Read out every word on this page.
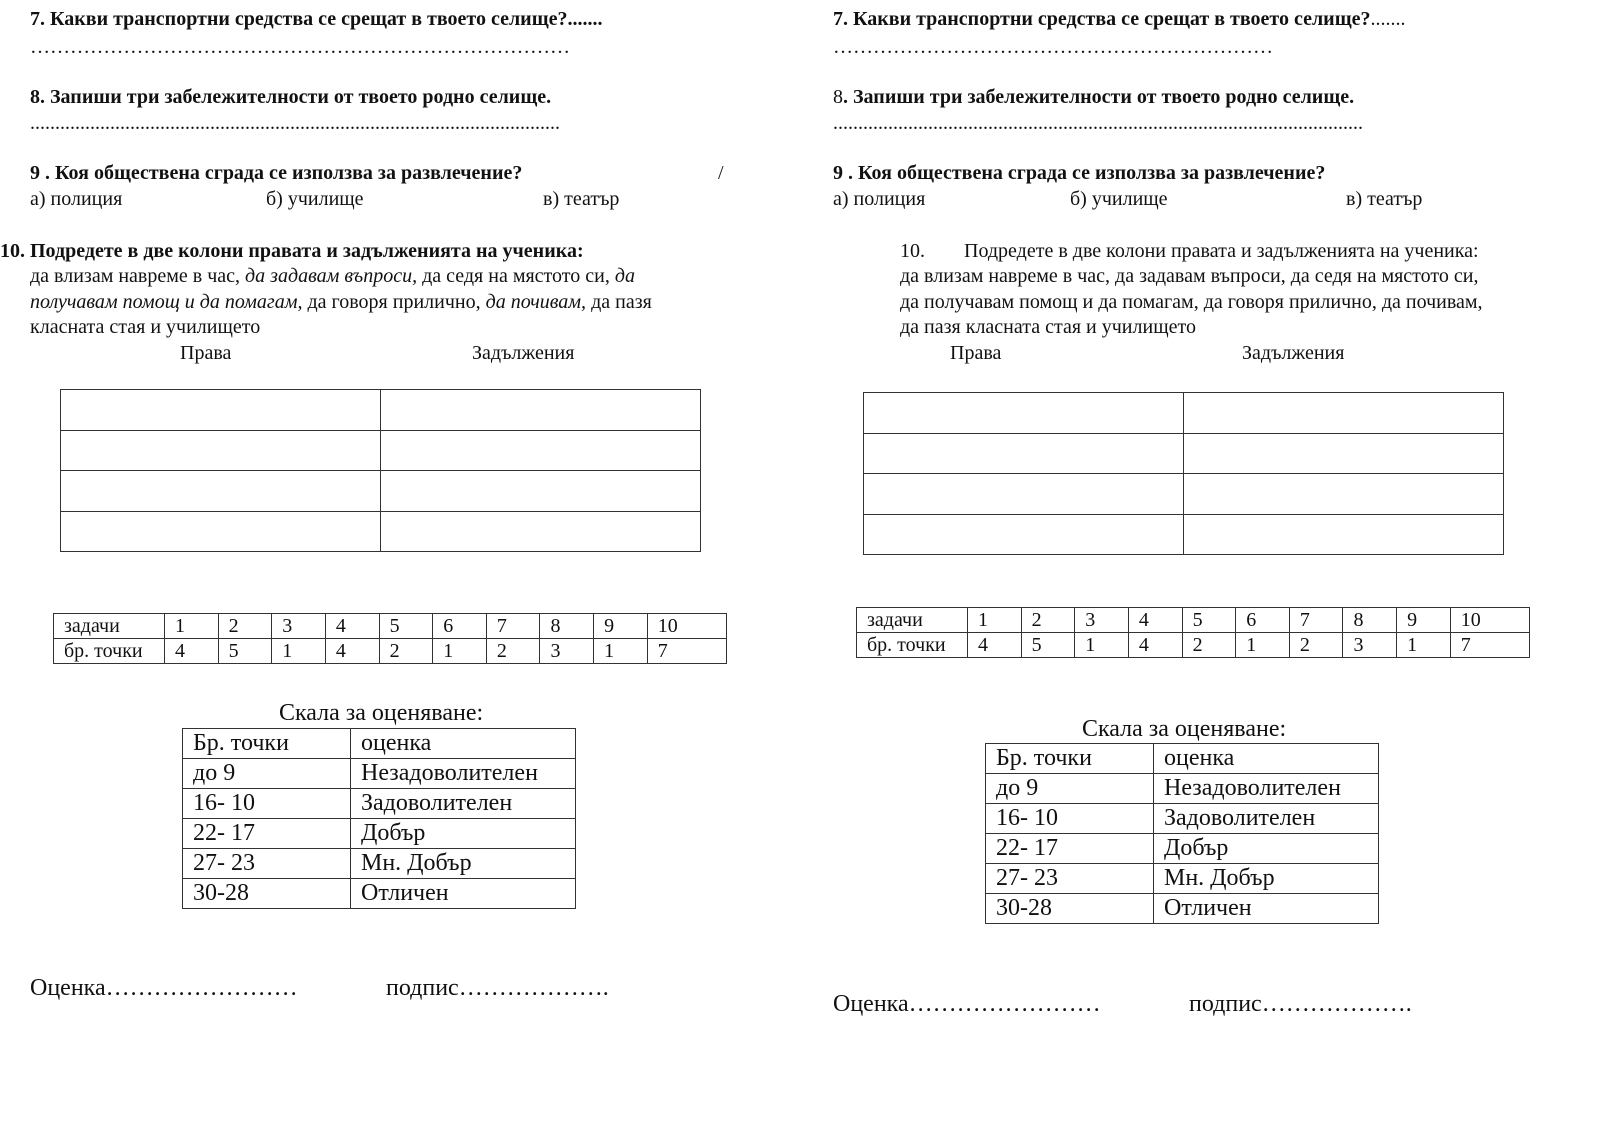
7. Какви транспортни средства се срещат в твоето селище?.......
………………………………………………………………………
8. Запиши три забележителности от твоето родно селище.
..........................................................................................................
9 . Коя обществена сграда се използва за развлечение?	/
а) полиция	б) училище	в) театър
10. Подредете в две колони правата и задълженията на ученика:
да влизам навреме в час, да задавам въпроси, да седя на мястото си, да
получавам помощ и да помагам, да говоря прилично, да почивам, да пазя
класната стая и училището
Права	Задължения

задачи	1	2	3	4	5	6	7	8	9	10
бр. точки	4	5	1	4	2	1	2	3	1	7
Скала за оценяване:
Бр. точки	оценка
до 9	Незадоволителен
16- 10	Задоволителен
22- 17	Добър
27- 23	Мн. Добър
30-28	Отличен
Оценка……………………	подпис……………….
7. Какви транспортни средства се срещат в твоето селище?.......
…………………………………………………………
8. Запиши три забележителности от твоето родно селище.
..........................................................................................................
9 . Коя обществена сграда се използва за развлечение?
а) полиция	б) училище	в) театър
10. Подредете в две колони правата и задълженията на ученика:
да влизам навреме в час, да задавам въпроси, да седя на мястото си,
да получавам помощ и да помагам, да говоря прилично, да почивам,
да пазя класната стая и училището
Права	Задължения

задачи	1	2	3	4	5	6	7	8	9	10
бр. точки	4	5	1	4	2	1	2	3	1	7
Скала за оценяване:
Бр. точки	оценка
до 9	Незадоволителен
16- 10	Задоволителен
22- 17	Добър
27- 23	Мн. Добър
30-28	Отличен
Оценка……………………	подпис……………….
